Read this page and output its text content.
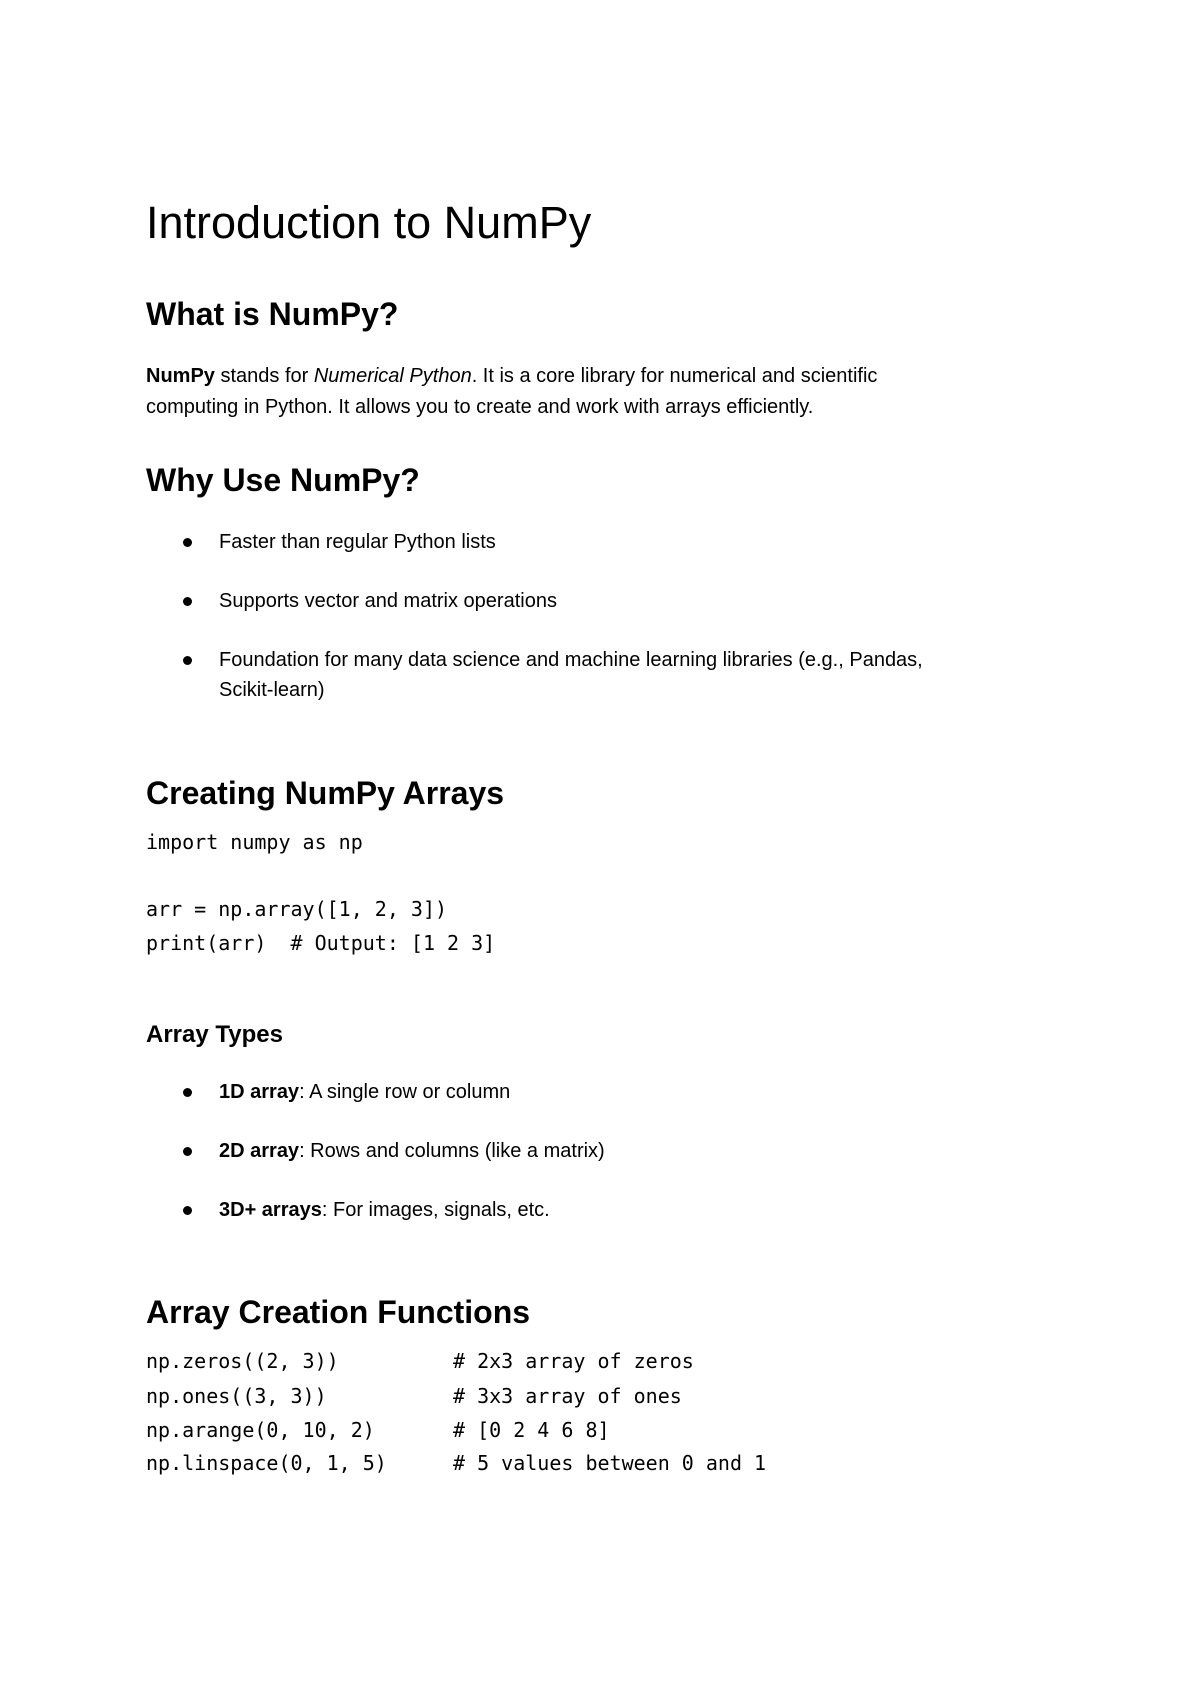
Introduction to NumPy
What is NumPy?
NumPy stands for Numerical Python. It is a core library for numerical and scientific
computing in Python. It allows you to create and work with arrays efficiently.
Why Use NumPy?
Faster than regular Python lists
Supports vector and matrix operations
Foundation for many data science and machine learning libraries (e.g., Pandas,
Scikit-learn)
Creating NumPy Arrays
import numpy as np
arr = np.array([1, 2, 3])
print(arr)  # Output: [1 2 3]
Array Types
1D array: A single row or column
2D array: Rows and columns (like a matrix)
3D+ arrays: For images, signals, etc.
Array Creation Functions
np.zeros((2, 3))	# 2x3 array of zeros
np.ones((3, 3))	# 3x3 array of ones
np.arange(0, 10, 2)	# [0 2 4 6 8]
np.linspace(0, 1, 5)	# 5 values between 0 and 1
